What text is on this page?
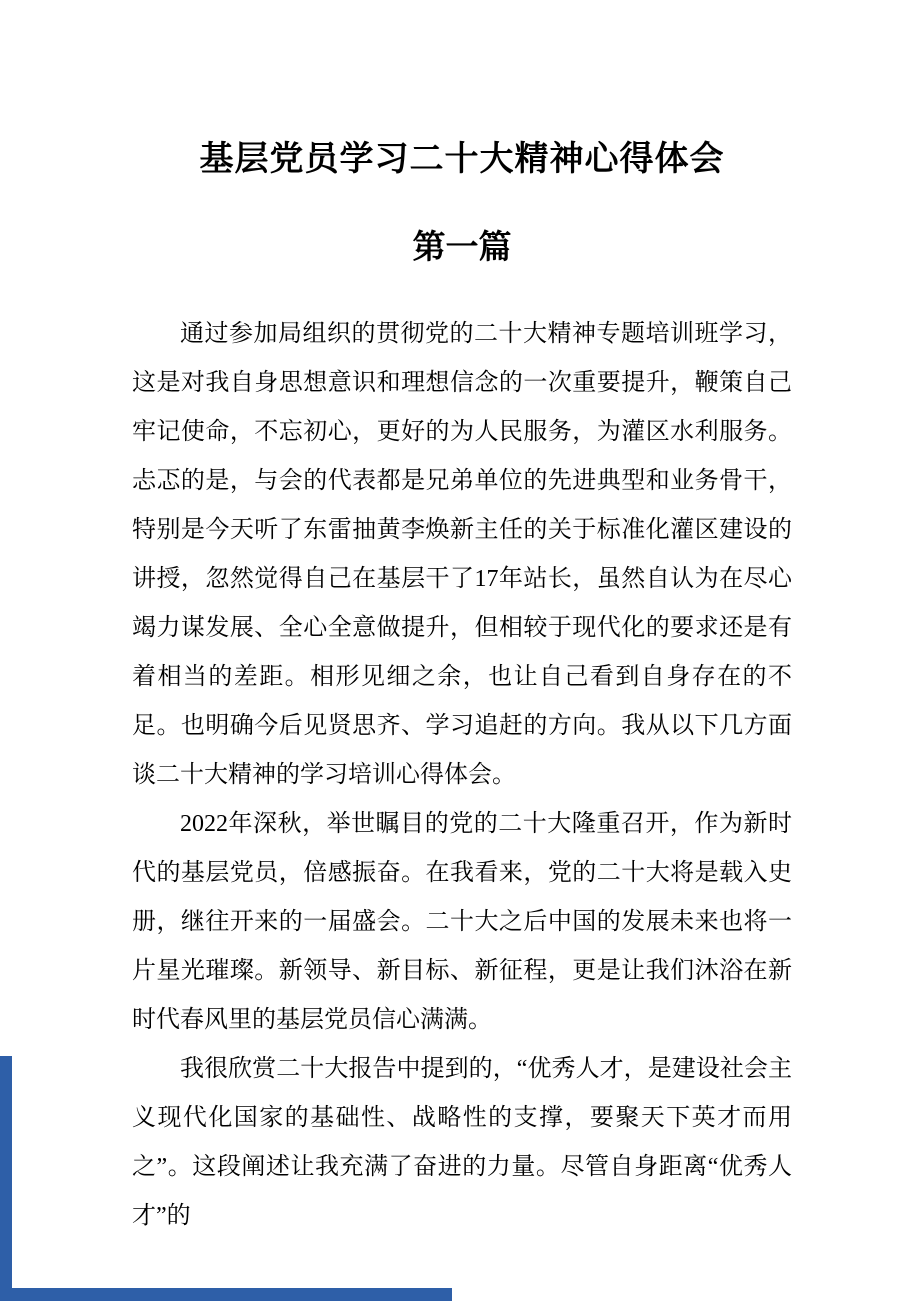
基层党员学习二十大精神心得体会
第一篇

通过参加局组织的贯彻党的二十大精神专题培训班学习，这是对我自身思想意识和理想信念的一次重要提升，鞭策自己牢记使命，不忘初心，更好的为人民服务，为灌区水利服务。忐忑的是，与会的代表都是兄弟单位的先进典型和业务骨干，特别是今天听了东雷抽黄李焕新主任的关于标准化灌区建设的讲授，忽然觉得自己在基层干了17年站长，虽然自认为在尽心竭力谋发展、全心全意做提升，但相较于现代化的要求还是有着相当的差距。相形见细之余，也让自己看到自身存在的不足。也明确今后见贤思齐、学习追赶的方向。我从以下几方面谈二十大精神的学习培训心得体会。

2022年深秋，举世瞩目的党的二十大隆重召开，作为新时代的基层党员，倍感振奋。在我看来，党的二十大将是载入史册，继往开来的一届盛会。二十大之后中国的发展未来也将一片星光璀璨。新领导、新目标、新征程，更是让我们沐浴在新时代春风里的基层党员信心满满。

我很欣赏二十大报告中提到的，“优秀人才，是建设社会主义现代化国家的基础性、战略性的支撑，要聚天下英才而用之”。这段阐述让我充满了奋进的力量。尽管自身距离“优秀人才”的
